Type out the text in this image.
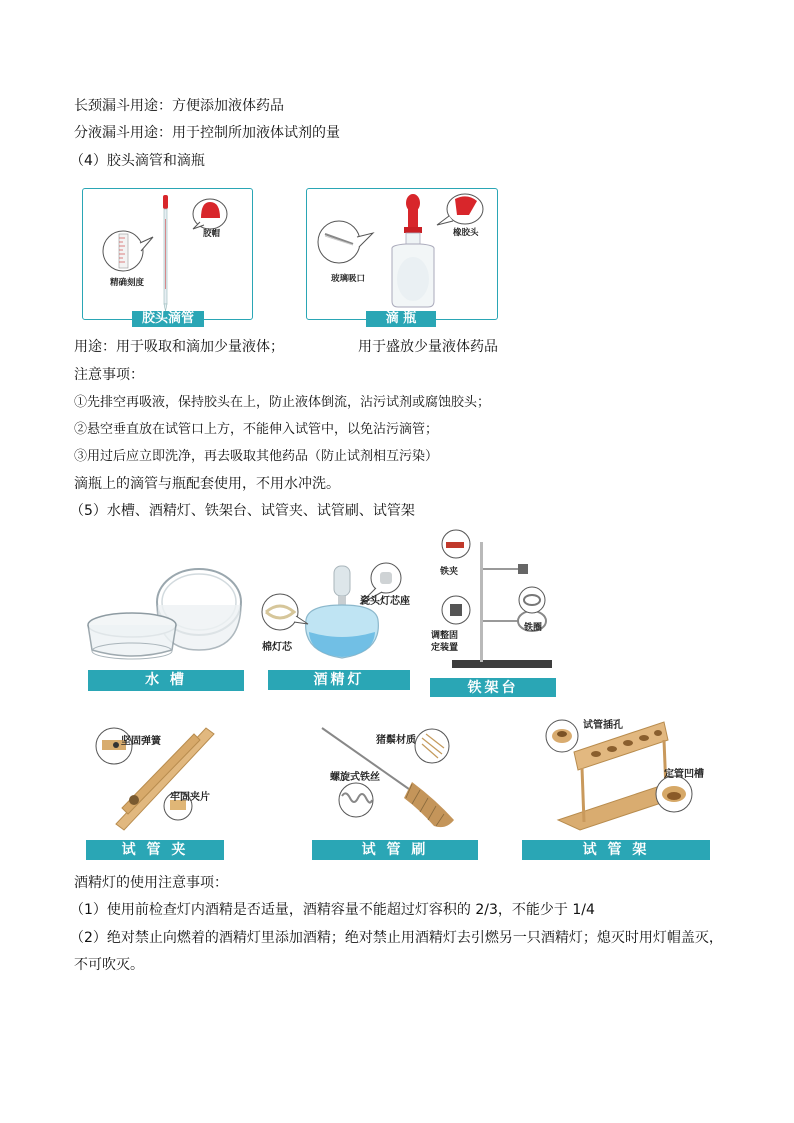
长颈漏斗用途：方便添加液体药品
分液漏斗用途：用于控制所加液体试剂的量
（4）胶头滴管和滴瓶
胶帽
精确刻度
胶头滴管
橡胶头
玻璃吸口
滴 瓶
用途：用于吸取和滴加少量液体；	用于盛放少量液体药品
注意事项：
①先排空再吸液，保持胶头在上，防止液体倒流，沾污试剂或腐蚀胶头；
②悬空垂直放在试管口上方，不能伸入试管中，以免沾污滴管；
③用过后应立即洗净，再去吸取其他药品（防止试剂相互污染）
滴瓶上的滴管与瓶配套使用，不用水冲洗。
（5）水槽、酒精灯、铁架台、试管夹、试管刷、试管架
水 槽
瓷头灯芯座
棉灯芯
酒精灯
铁夹
调整固
定装置
铁圈
铁架台
坚固弹簧
牢固夹片
试 管 夹
猪鬃材质
螺旋式铁丝
试 管 刷
试管插孔
定管凹槽
试 管 架
酒精灯的使用注意事项：
（1）使用前检查灯内酒精是否适量，酒精容量不能超过灯容积的 2/3，不能少于 1/4
（2）绝对禁止向燃着的酒精灯里添加酒精；绝对禁止用酒精灯去引燃另一只酒精灯；熄灭时用灯帽盖灭，
不可吹灭。
